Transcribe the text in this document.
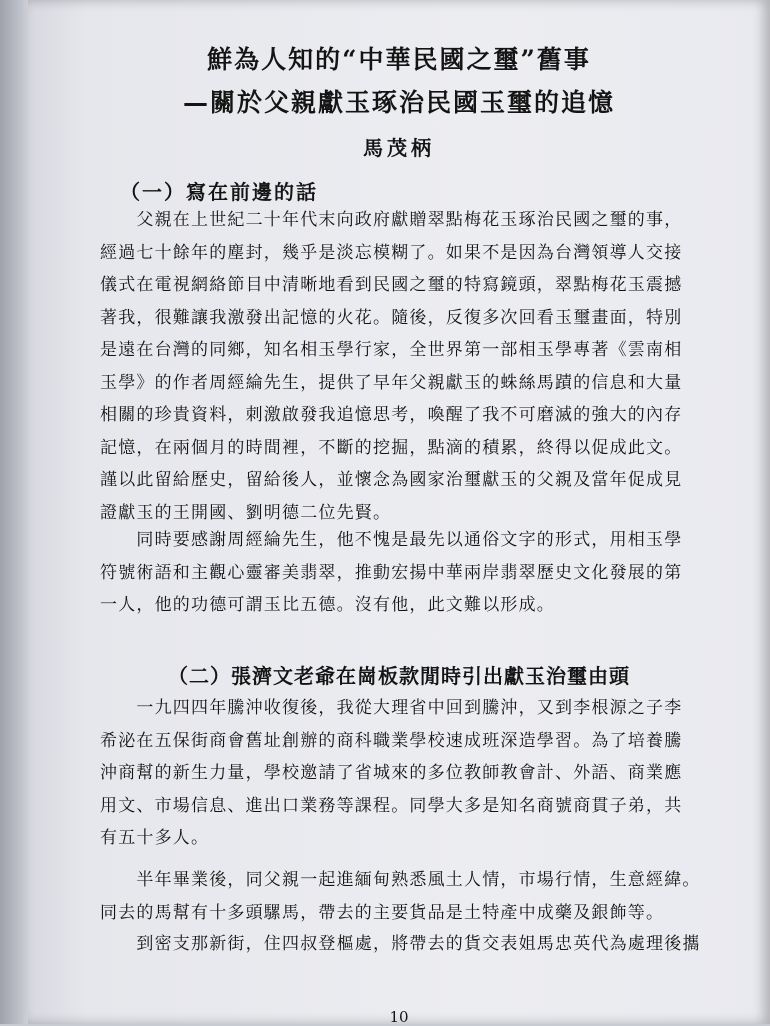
鮮為人知的“中華民國之璽”舊事
—關於父親獻玉琢治民國玉璽的追憶
馬茂柄
（一）寫在前邊的話
　　父親在上世紀二十年代末向政府獻贈翠點梅花玉琢治民國之璽的事，
經過七十餘年的塵封，幾乎是淡忘模糊了。如果不是因為台灣領導人交接
儀式在電視網絡節目中清晰地看到民國之璽的特寫鏡頭，翠點梅花玉震撼
著我，很難讓我激發出記憶的火花。隨後，反復多次回看玉璽畫面，特別
是遠在台灣的同鄉，知名相玉學行家，全世界第一部相玉學專著《雲南相
玉學》的作者周經綸先生，提供了早年父親獻玉的蛛絲馬蹟的信息和大量
相關的珍貴資料，刺激啟發我追憶思考，喚醒了我不可磨滅的強大的內存
記憶，在兩個月的時間裡，不斷的挖掘，點滴的積累，終得以促成此文。
謹以此留給歷史，留給後人，並懷念為國家治璽獻玉的父親及當年促成見
證獻玉的王開國、劉明德二位先賢。
　　同時要感謝周經綸先生，他不愧是最先以通俗文字的形式，用相玉學
符號術語和主觀心靈審美翡翠，推動宏揚中華兩岸翡翠歷史文化發展的第
一人，他的功德可謂玉比五德。沒有他，此文難以形成。
（二）張濟文老爺在崗板款閒時引出獻玉治璽由頭
　　一九四四年騰沖收復後，我從大理省中回到騰沖，又到李根源之子李
希泌在五保街商會舊址創辦的商科職業學校速成班深造學習。為了培養騰
沖商幫的新生力量，學校邀請了省城來的多位教師教會計、外語、商業應
用文、市場信息、進出口業務等課程。同學大多是知名商號商貫子弟，共
有五十多人。
　　半年畢業後，同父親一起進緬甸熟悉風土人情，市場行情，生意經緯。
同去的馬幫有十多頭騾馬，帶去的主要貨品是土特產中成藥及銀飾等。
　　到密支那新街，住四叔登樞處，將帶去的貨交表姐馬忠英代為處理後攜
10
